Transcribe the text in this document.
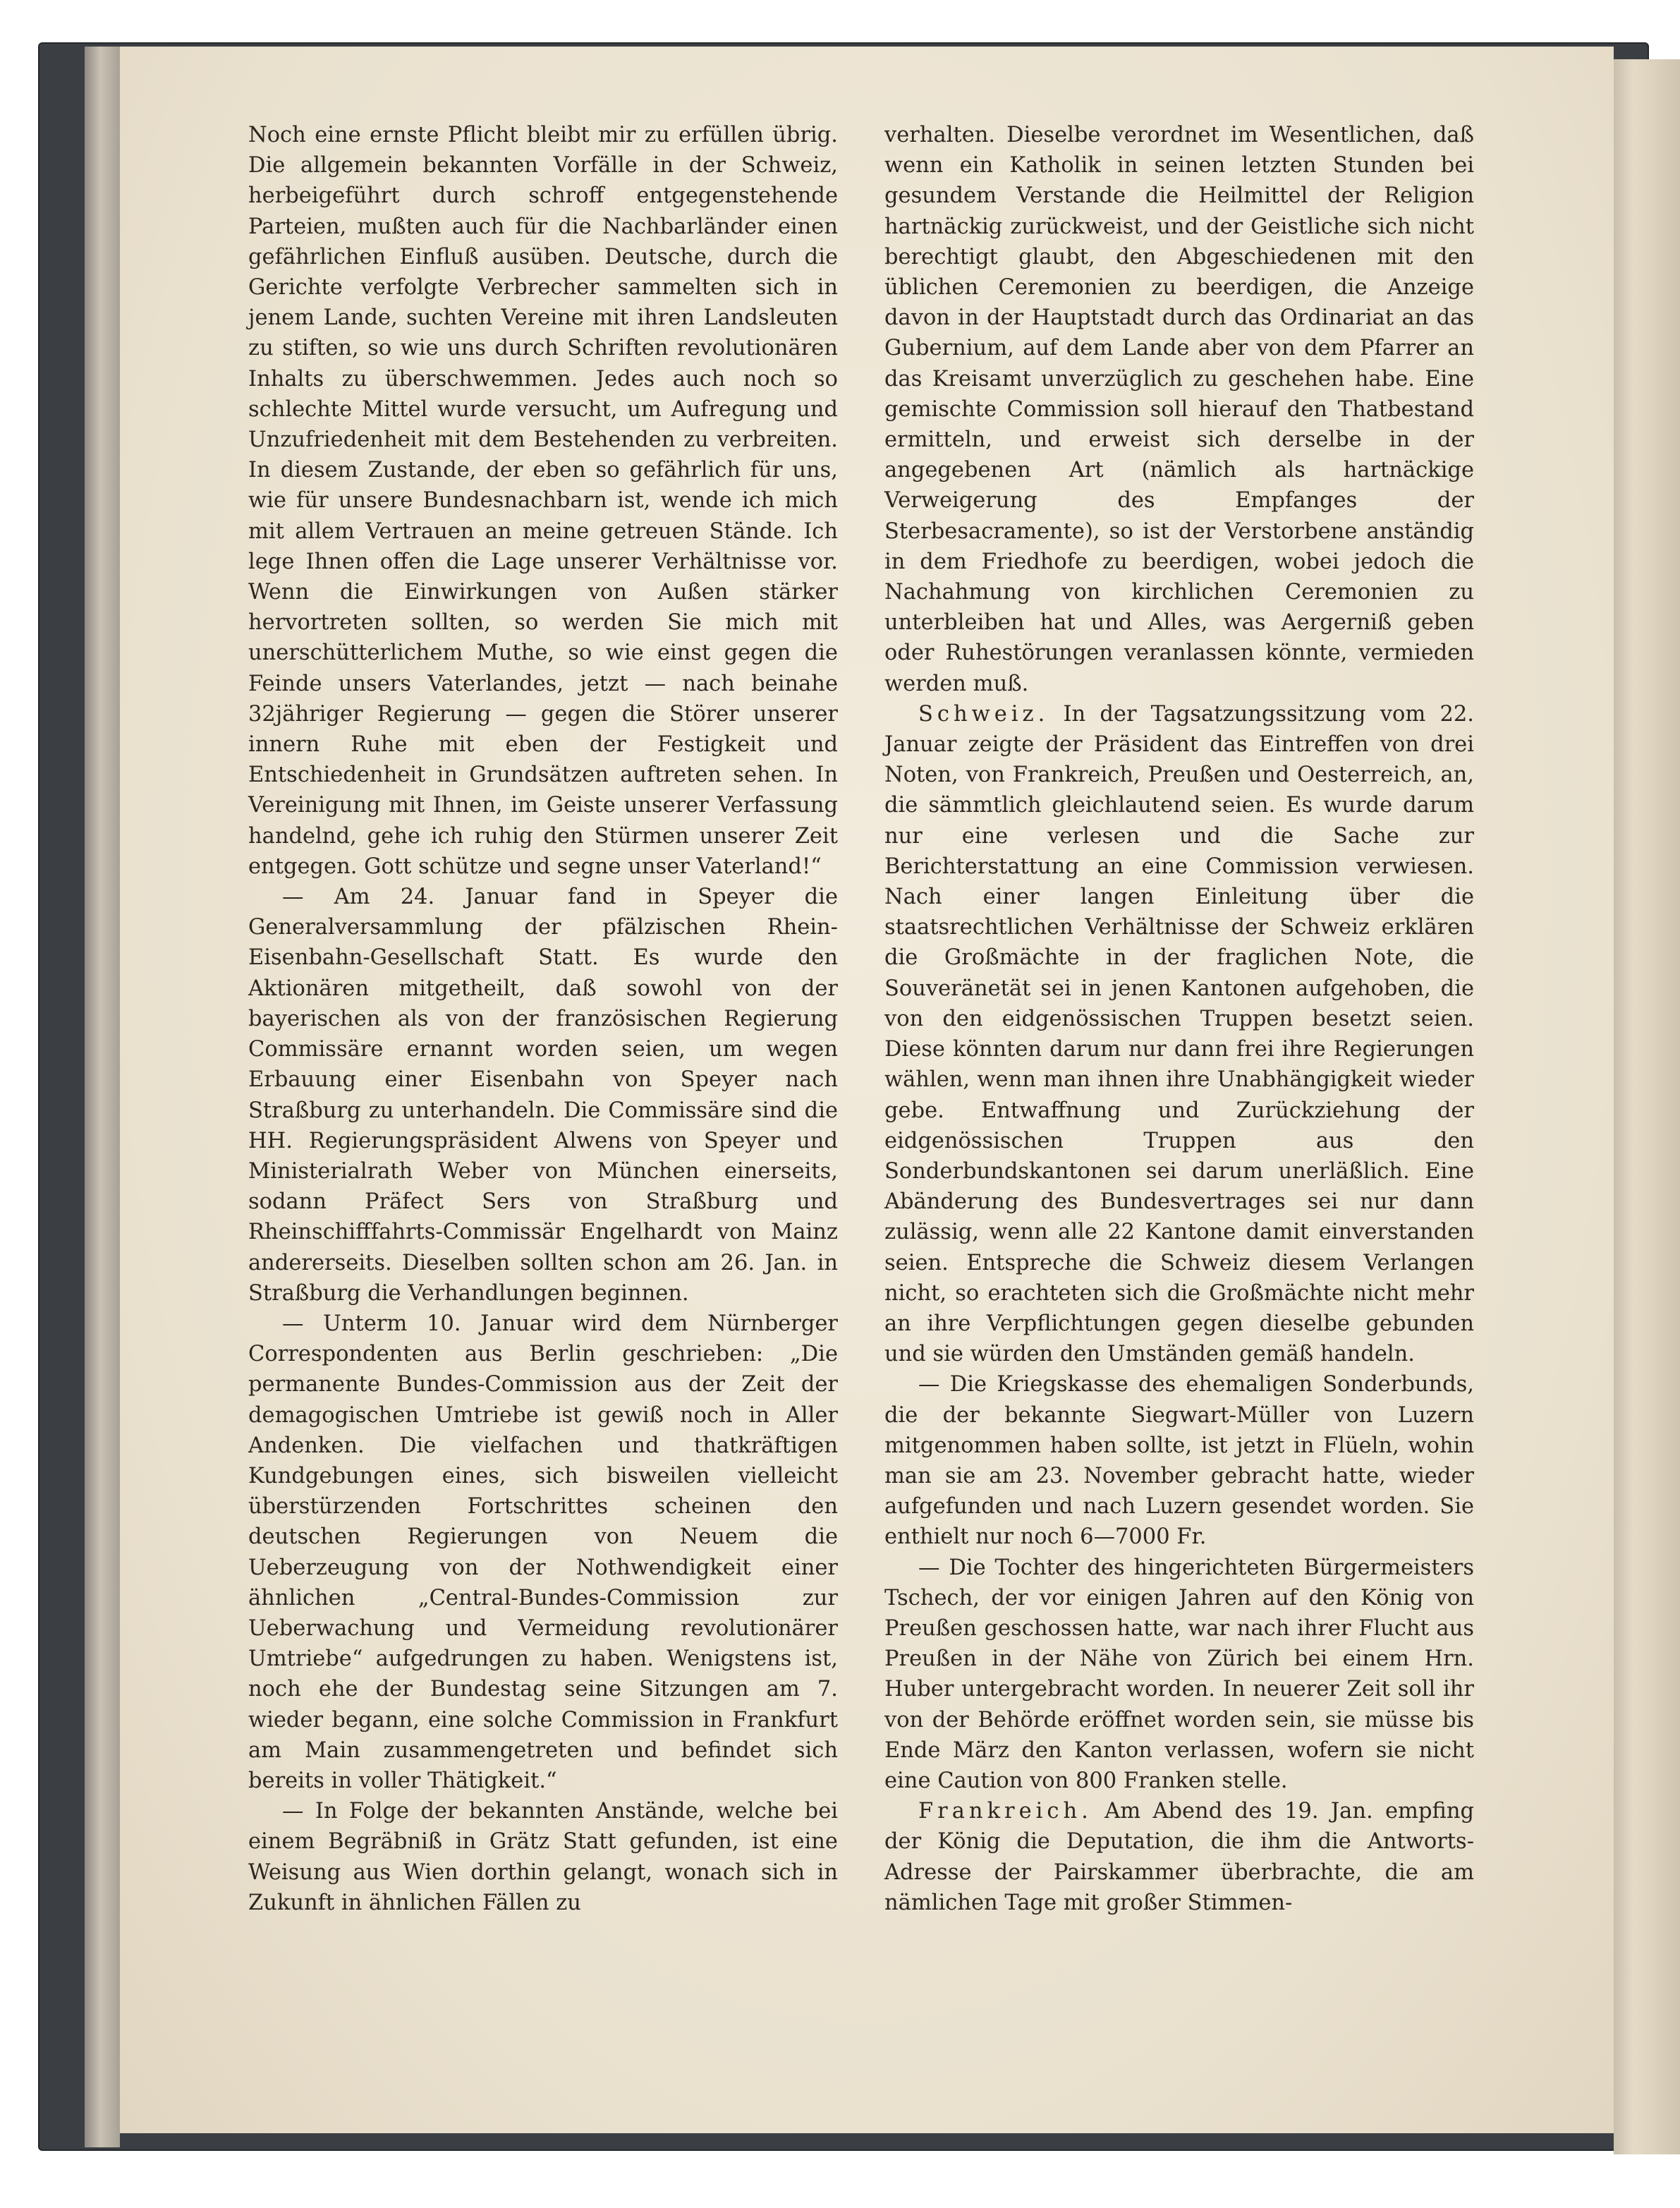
Noch eine ernste Pflicht bleibt mir zu erfüllen übrig. Die allgemein bekannten Vorfälle in der Schweiz, herbeigeführt durch schroff entgegenstehende Parteien, mußten auch für die Nachbarländer einen gefährlichen Einfluß ausüben. Deutsche, durch die Gerichte verfolgte Verbrecher sammelten sich in jenem Lande, suchten Vereine mit ihren Landsleuten zu stiften, so wie uns durch Schriften revolutionären Inhalts zu überschwemmen. Jedes auch noch so schlechte Mittel wurde versucht, um Aufregung und Unzufriedenheit mit dem Bestehenden zu verbreiten. In diesem Zustande, der eben so gefährlich für uns, wie für unsere Bundesnachbarn ist, wende ich mich mit allem Vertrauen an meine getreuen Stände. Ich lege Ihnen offen die Lage unserer Verhältnisse vor. Wenn die Einwirkungen von Außen stärker hervortreten sollten, so werden Sie mich mit unerschütterlichem Muthe, so wie einst gegen die Feinde unsers Vaterlandes, jetzt — nach beinahe 32jähriger Regierung — gegen die Störer unserer innern Ruhe mit eben der Festigkeit und Entschiedenheit in Grundsätzen auftreten sehen. In Vereinigung mit Ihnen, im Geiste unserer Verfassung handelnd, gehe ich ruhig den Stürmen unserer Zeit entgegen. Gott schütze und segne unser Vaterland!“

— Am 24. Januar fand in Speyer die Generalversammlung der pfälzischen Rhein-Eisenbahn-Gesellschaft Statt. Es wurde den Aktionären mitgetheilt, daß sowohl von der bayerischen als von der französischen Regierung Commissäre ernannt worden seien, um wegen Erbauung einer Eisenbahn von Speyer nach Straßburg zu unterhandeln. Die Commissäre sind die HH. Regierungspräsident Alwens von Speyer und Ministerialrath Weber von München einerseits, sodann Präfect Sers von Straßburg und Rheinschifffahrts-Commissär Engelhardt von Mainz andererseits. Dieselben sollten schon am 26. Jan. in Straßburg die Verhandlungen beginnen.

— Unterm 10. Januar wird dem Nürnberger Correspondenten aus Berlin geschrieben: „Die permanente Bundes-Commission aus der Zeit der demagogischen Umtriebe ist gewiß noch in Aller Andenken. Die vielfachen und thatkräftigen Kundgebungen eines, sich bisweilen vielleicht überstürzenden Fortschrittes scheinen den deutschen Regierungen von Neuem die Ueberzeugung von der Nothwendigkeit einer ähnlichen „Central-Bundes-Commission zur Ueberwachung und Vermeidung revolutionärer Umtriebe“ aufgedrungen zu haben. Wenigstens ist, noch ehe der Bundestag seine Sitzungen am 7. wieder begann, eine solche Commission in Frankfurt am Main zusammengetreten und befindet sich bereits in voller Thätigkeit.“

— In Folge der bekannten Anstände, welche bei einem Begräbniß in Grätz Statt gefunden, ist eine Weisung aus Wien dorthin gelangt, wonach sich in Zukunft in ähnlichen Fällen zu

verhalten. Dieselbe verordnet im Wesentlichen, daß wenn ein Katholik in seinen letzten Stunden bei gesundem Verstande die Heilmittel der Religion hartnäckig zurückweist, und der Geistliche sich nicht berechtigt glaubt, den Abgeschiedenen mit den üblichen Ceremonien zu beerdigen, die Anzeige davon in der Hauptstadt durch das Ordinariat an das Gubernium, auf dem Lande aber von dem Pfarrer an das Kreisamt unverzüglich zu geschehen habe. Eine gemischte Commission soll hierauf den Thatbestand ermitteln, und erweist sich derselbe in der angegebenen Art (nämlich als hartnäckige Verweigerung des Empfanges der Sterbesacramente), so ist der Verstorbene anständig in dem Friedhofe zu beerdigen, wobei jedoch die Nachahmung von kirchlichen Ceremonien zu unterbleiben hat und Alles, was Aergerniß geben oder Ruhestörungen veranlassen könnte, vermieden werden muß.

Schweiz. In der Tagsatzungssitzung vom 22. Januar zeigte der Präsident das Eintreffen von drei Noten, von Frankreich, Preußen und Oesterreich, an, die sämmtlich gleichlautend seien. Es wurde darum nur eine verlesen und die Sache zur Berichterstattung an eine Commission verwiesen. Nach einer langen Einleitung über die staatsrechtlichen Verhältnisse der Schweiz erklären die Großmächte in der fraglichen Note, die Souveränetät sei in jenen Kantonen aufgehoben, die von den eidgenössischen Truppen besetzt seien. Diese könnten darum nur dann frei ihre Regierungen wählen, wenn man ihnen ihre Unabhängigkeit wieder gebe. Entwaffnung und Zurückziehung der eidgenössischen Truppen aus den Sonderbundskantonen sei darum unerläßlich. Eine Abänderung des Bundesvertrages sei nur dann zulässig, wenn alle 22 Kantone damit einverstanden seien. Entspreche die Schweiz diesem Verlangen nicht, so erachteten sich die Großmächte nicht mehr an ihre Verpflichtungen gegen dieselbe gebunden und sie würden den Umständen gemäß handeln.

— Die Kriegskasse des ehemaligen Sonderbunds, die der bekannte Siegwart-Müller von Luzern mitgenommen haben sollte, ist jetzt in Flüeln, wohin man sie am 23. November gebracht hatte, wieder aufgefunden und nach Luzern gesendet worden. Sie enthielt nur noch 6—7000 Fr.

— Die Tochter des hingerichteten Bürgermeisters Tschech, der vor einigen Jahren auf den König von Preußen geschossen hatte, war nach ihrer Flucht aus Preußen in der Nähe von Zürich bei einem Hrn. Huber untergebracht worden. In neuerer Zeit soll ihr von der Behörde eröffnet worden sein, sie müsse bis Ende März den Kanton verlassen, wofern sie nicht eine Caution von 800 Franken stelle.

Frankreich. Am Abend des 19. Jan. empfing der König die Deputation, die ihm die Antworts-Adresse der Pairskammer überbrachte, die am nämlichen Tage mit großer Stimmen-
